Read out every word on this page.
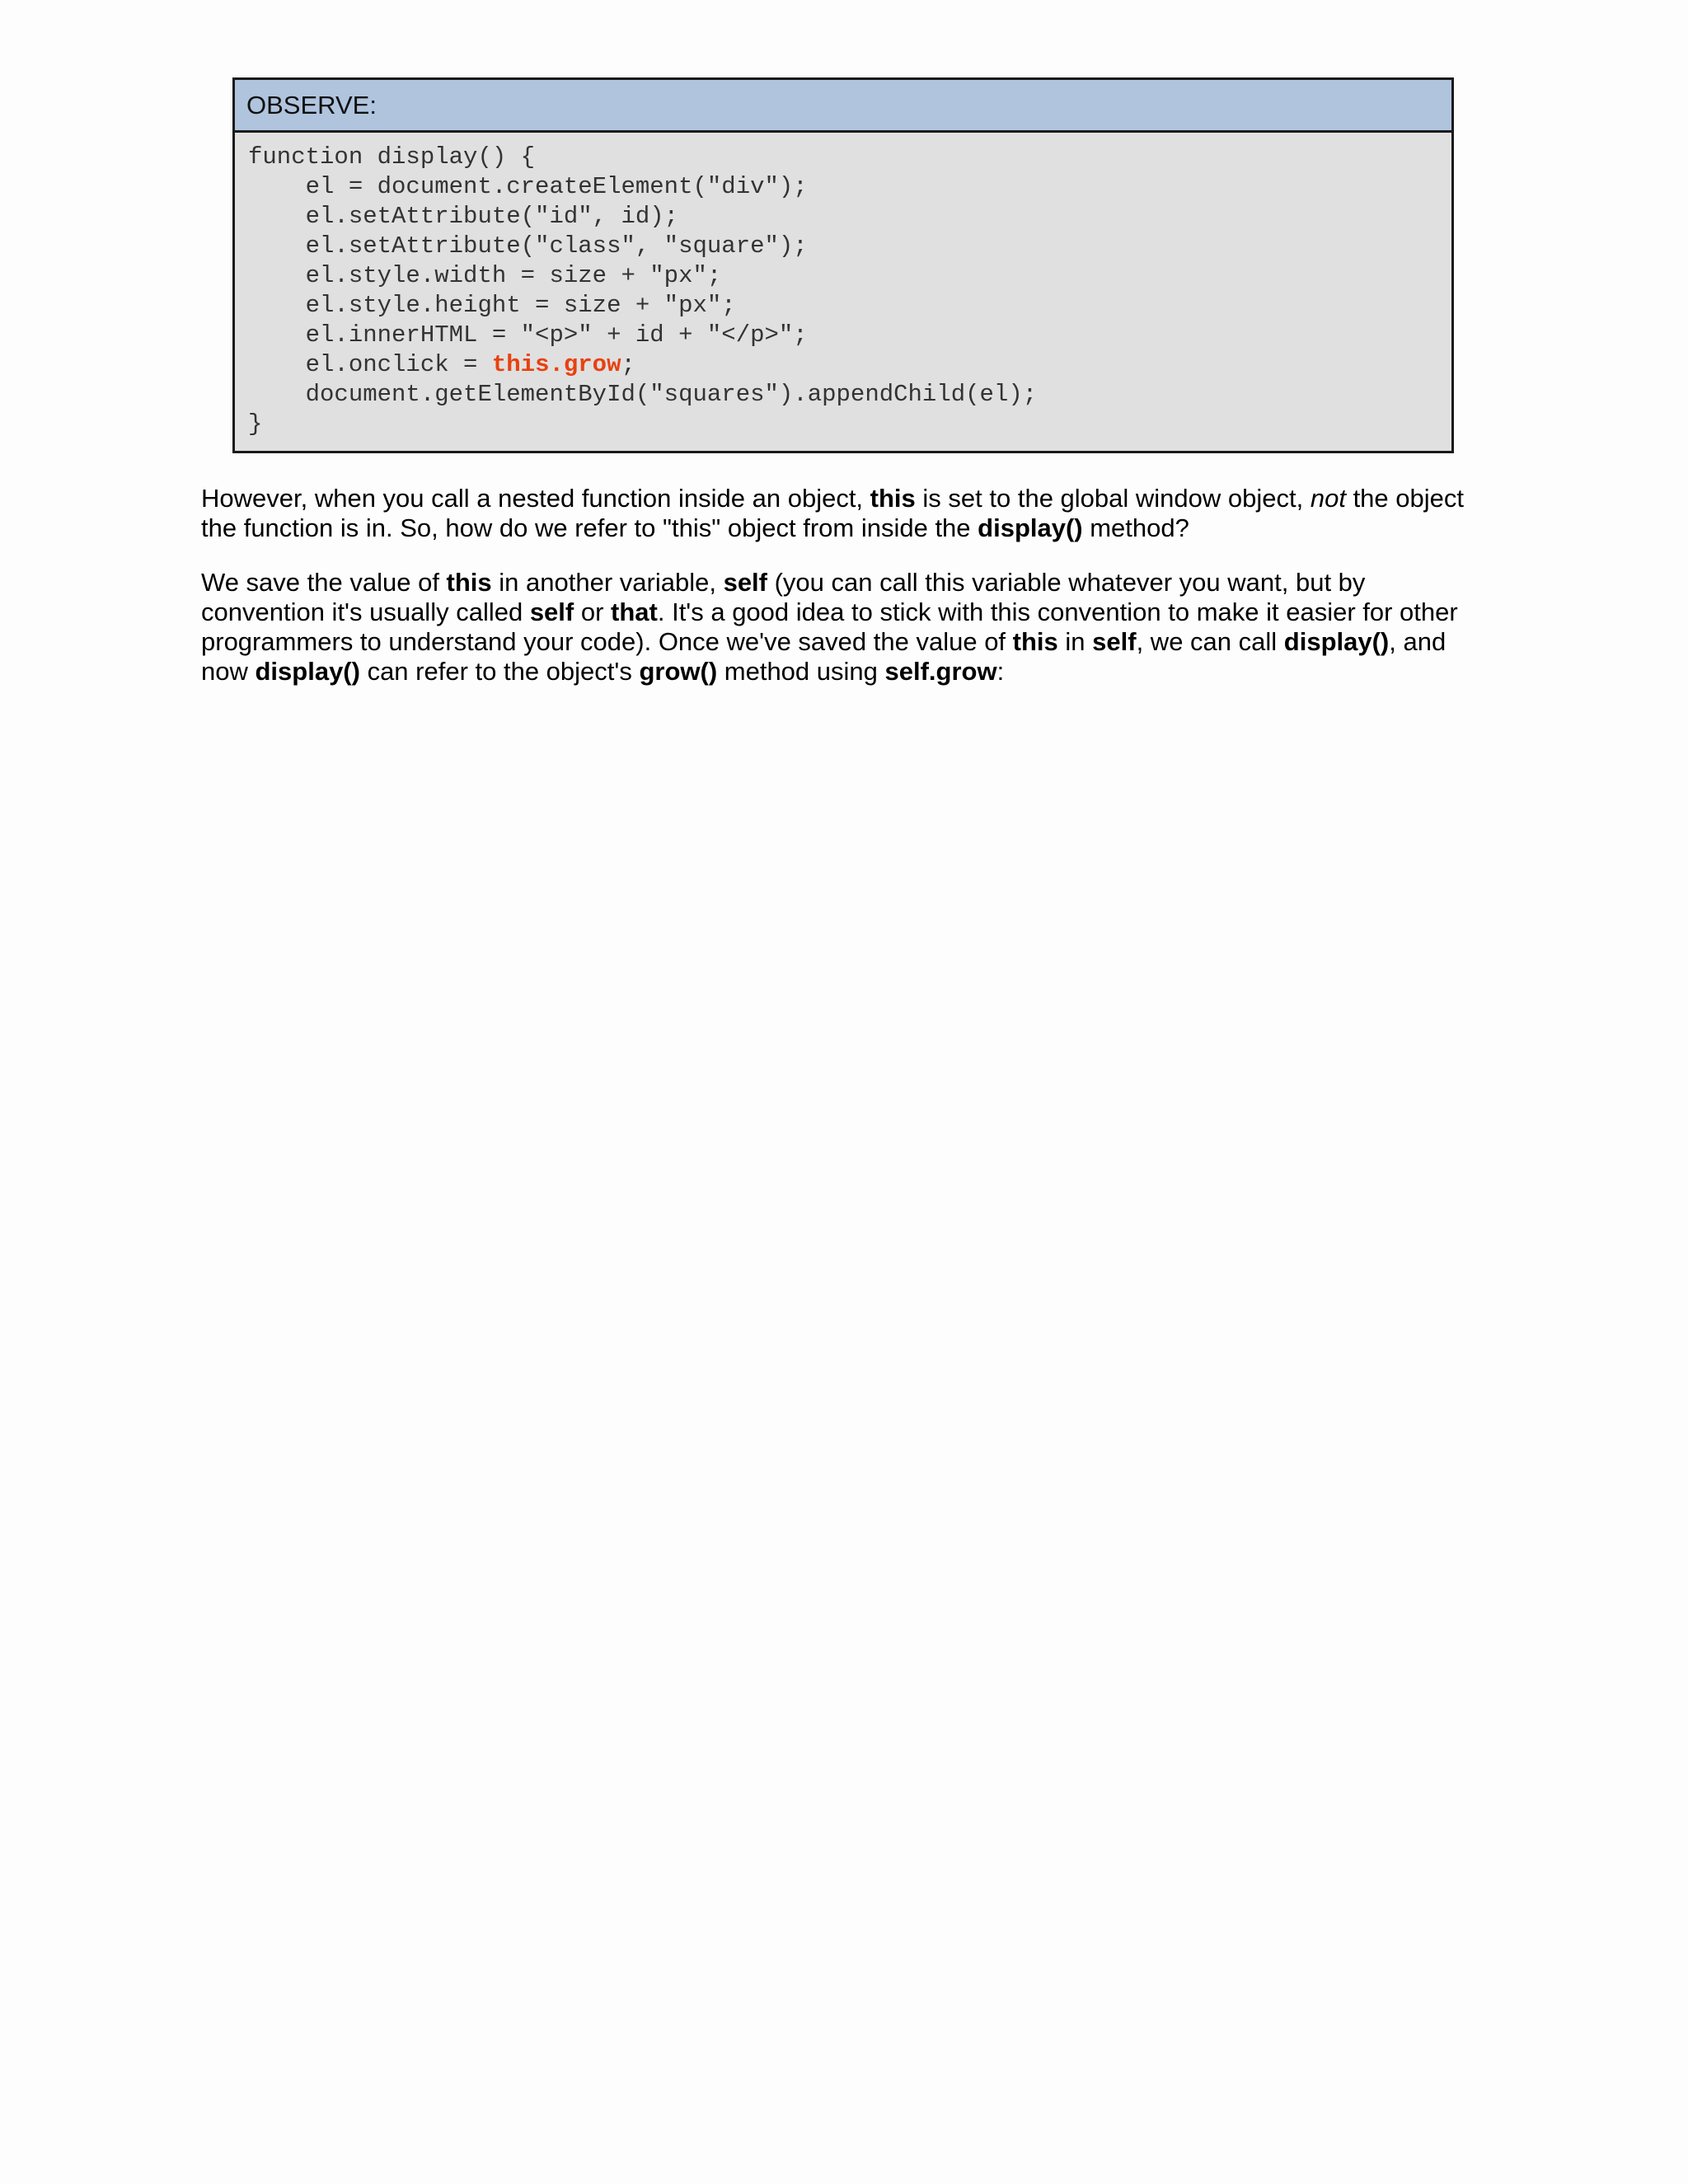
OBSERVE:
function display() {
el = document.createElement("div");
el.setAttribute("id", id);
el.setAttribute("class", "square");
el.style.width = size + "px";
el.style.height = size + "px";
el.innerHTML = "<p>" + id + "</p>";
el.onclick = this.grow;
document.getElementById("squares").appendChild(el);
}

However, when you call a nested function inside an object, this is set to the global window object, not the object the function is in. So, how do we refer to "this" object from inside the display() method?

We save the value of this in another variable, self (you can call this variable whatever you want, but by convention it's usually called self or that. It's a good idea to stick with this convention to make it easier for other programmers to understand your code). Once we've saved the value of this in self, we can call display(), and now display() can refer to the object's grow() method using self.grow:
